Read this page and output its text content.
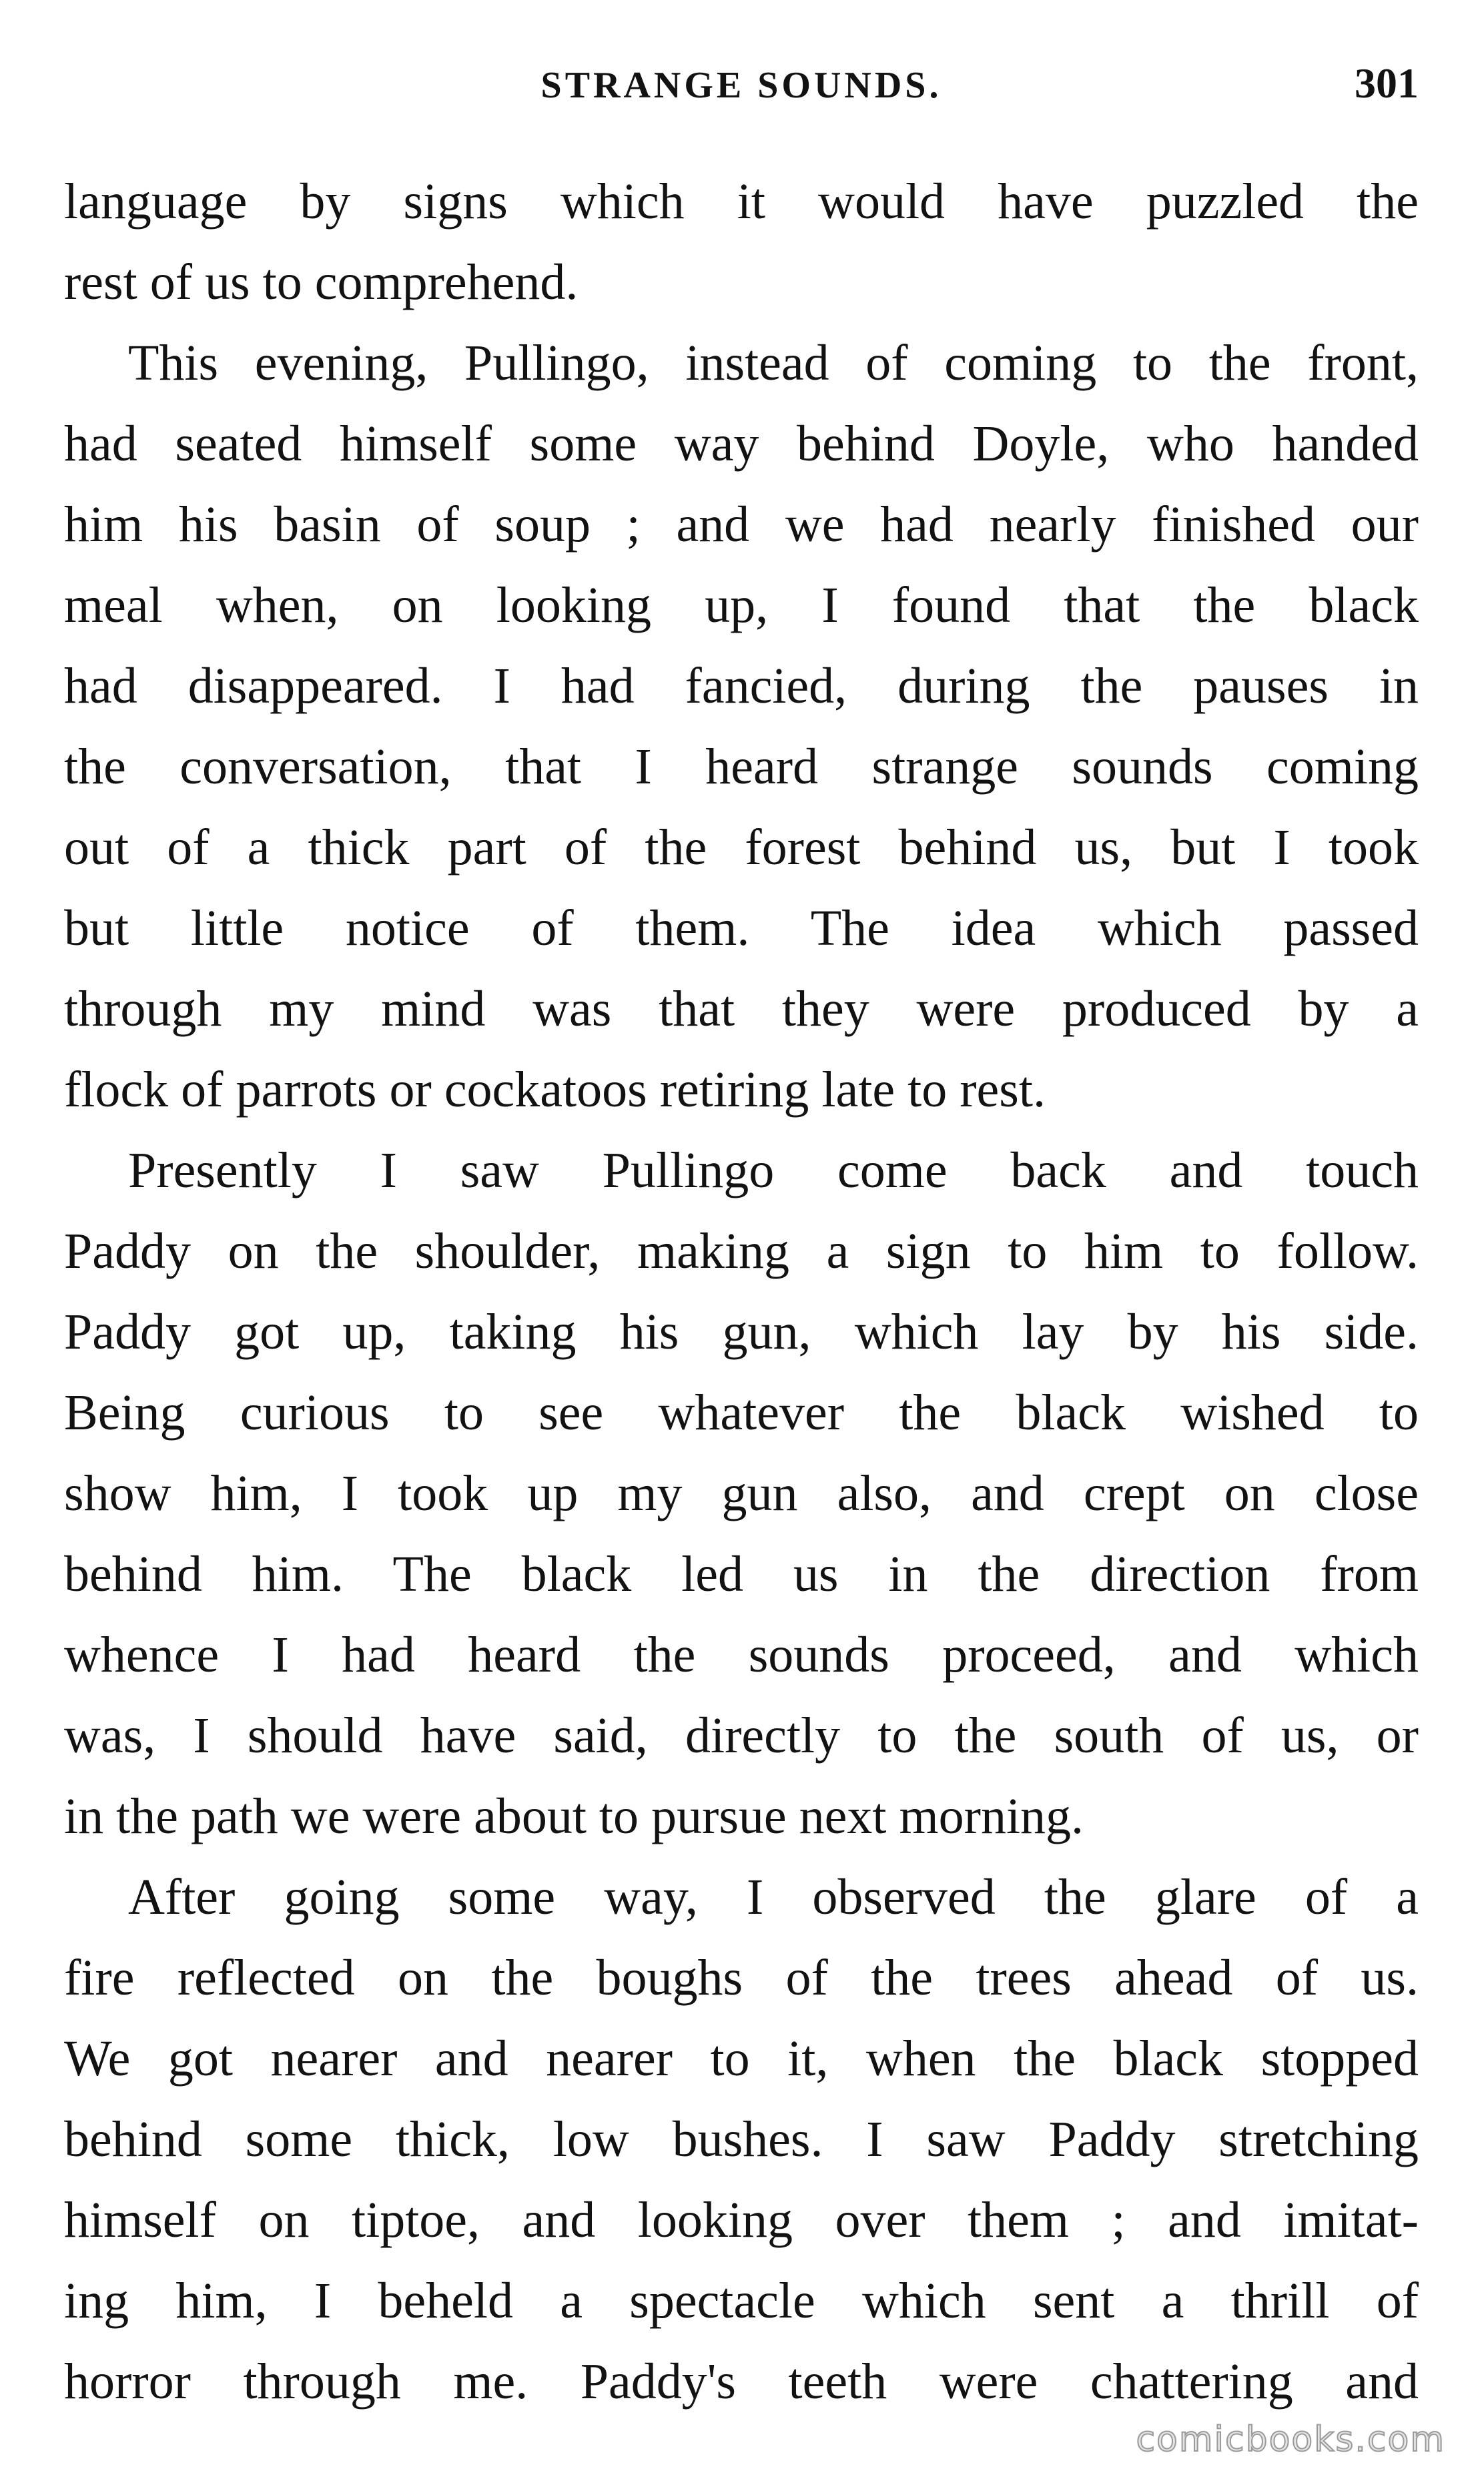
STRANGE SOUNDS.	301
language by signs which it would have puzzled the
rest of us to comprehend.
This evening, Pullingo, instead of coming to the front,
had seated himself some way behind Doyle, who handed
him his basin of soup ; and we had nearly finished our
meal when, on looking up, I found that the black
had disappeared. I had fancied, during the pauses in
the conversation, that I heard strange sounds coming
out of a thick part of the forest behind us, but I took
but little notice of them. The idea which passed
through my mind was that they were produced by a
flock of parrots or cockatoos retiring late to rest.
Presently I saw Pullingo come back and touch
Paddy on the shoulder, making a sign to him to follow.
Paddy got up, taking his gun, which lay by his side.
Being curious to see whatever the black wished to
show him, I took up my gun also, and crept on close
behind him. The black led us in the direction from
whence I had heard the sounds proceed, and which
was, I should have said, directly to the south of us, or
in the path we were about to pursue next morning.
After going some way, I observed the glare of a
fire reflected on the boughs of the trees ahead of us.
We got nearer and nearer to it, when the black stopped
behind some thick, low bushes. I saw Paddy stretching
himself on tiptoe, and looking over them ; and imitat-
ing him, I beheld a spectacle which sent a thrill of
horror through me. Paddy's teeth were chattering and
comicbooks.com
